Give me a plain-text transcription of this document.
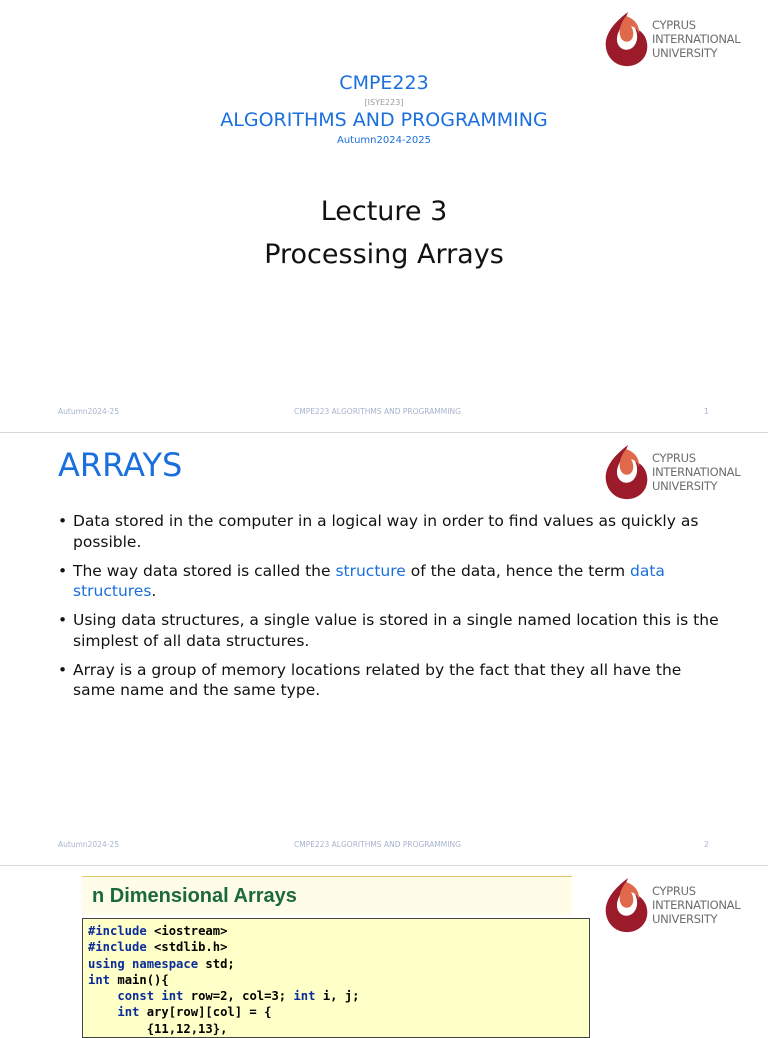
CYPRUS
INTERNATIONAL
UNIVERSITY
CMPE223
[ISYE223]
ALGORITHMS AND PROGRAMMING
Autumn2024-2025
Lecture 3
Processing Arrays
Autumn2024-25	CMPE223 ALGORITHMS AND PROGRAMMING	1
CYPRUS
INTERNATIONAL
UNIVERSITY
Autumn2024-25	CMPE223 ALGORITHMS AND PROGRAMMING	2
ARRAYS
• Data stored in the computer in a logical way in order to find values as quickly as possible.
• The way data stored is called the structure of the data, hence the term data structures.
• Using data structures, a single value is stored in a single named location this is the simplest of all data structures.
• Array is a group of memory locations related by the fact that they all have the same name and the same type.
CYPRUS
INTERNATIONAL
UNIVERSITY
n Dimensional Arrays
#include <iostream>
#include <stdlib.h>
using namespace std;
int main(){
const int row=2, col=3; int i, j;
int ary[row][col] = {
{11,12,13},
